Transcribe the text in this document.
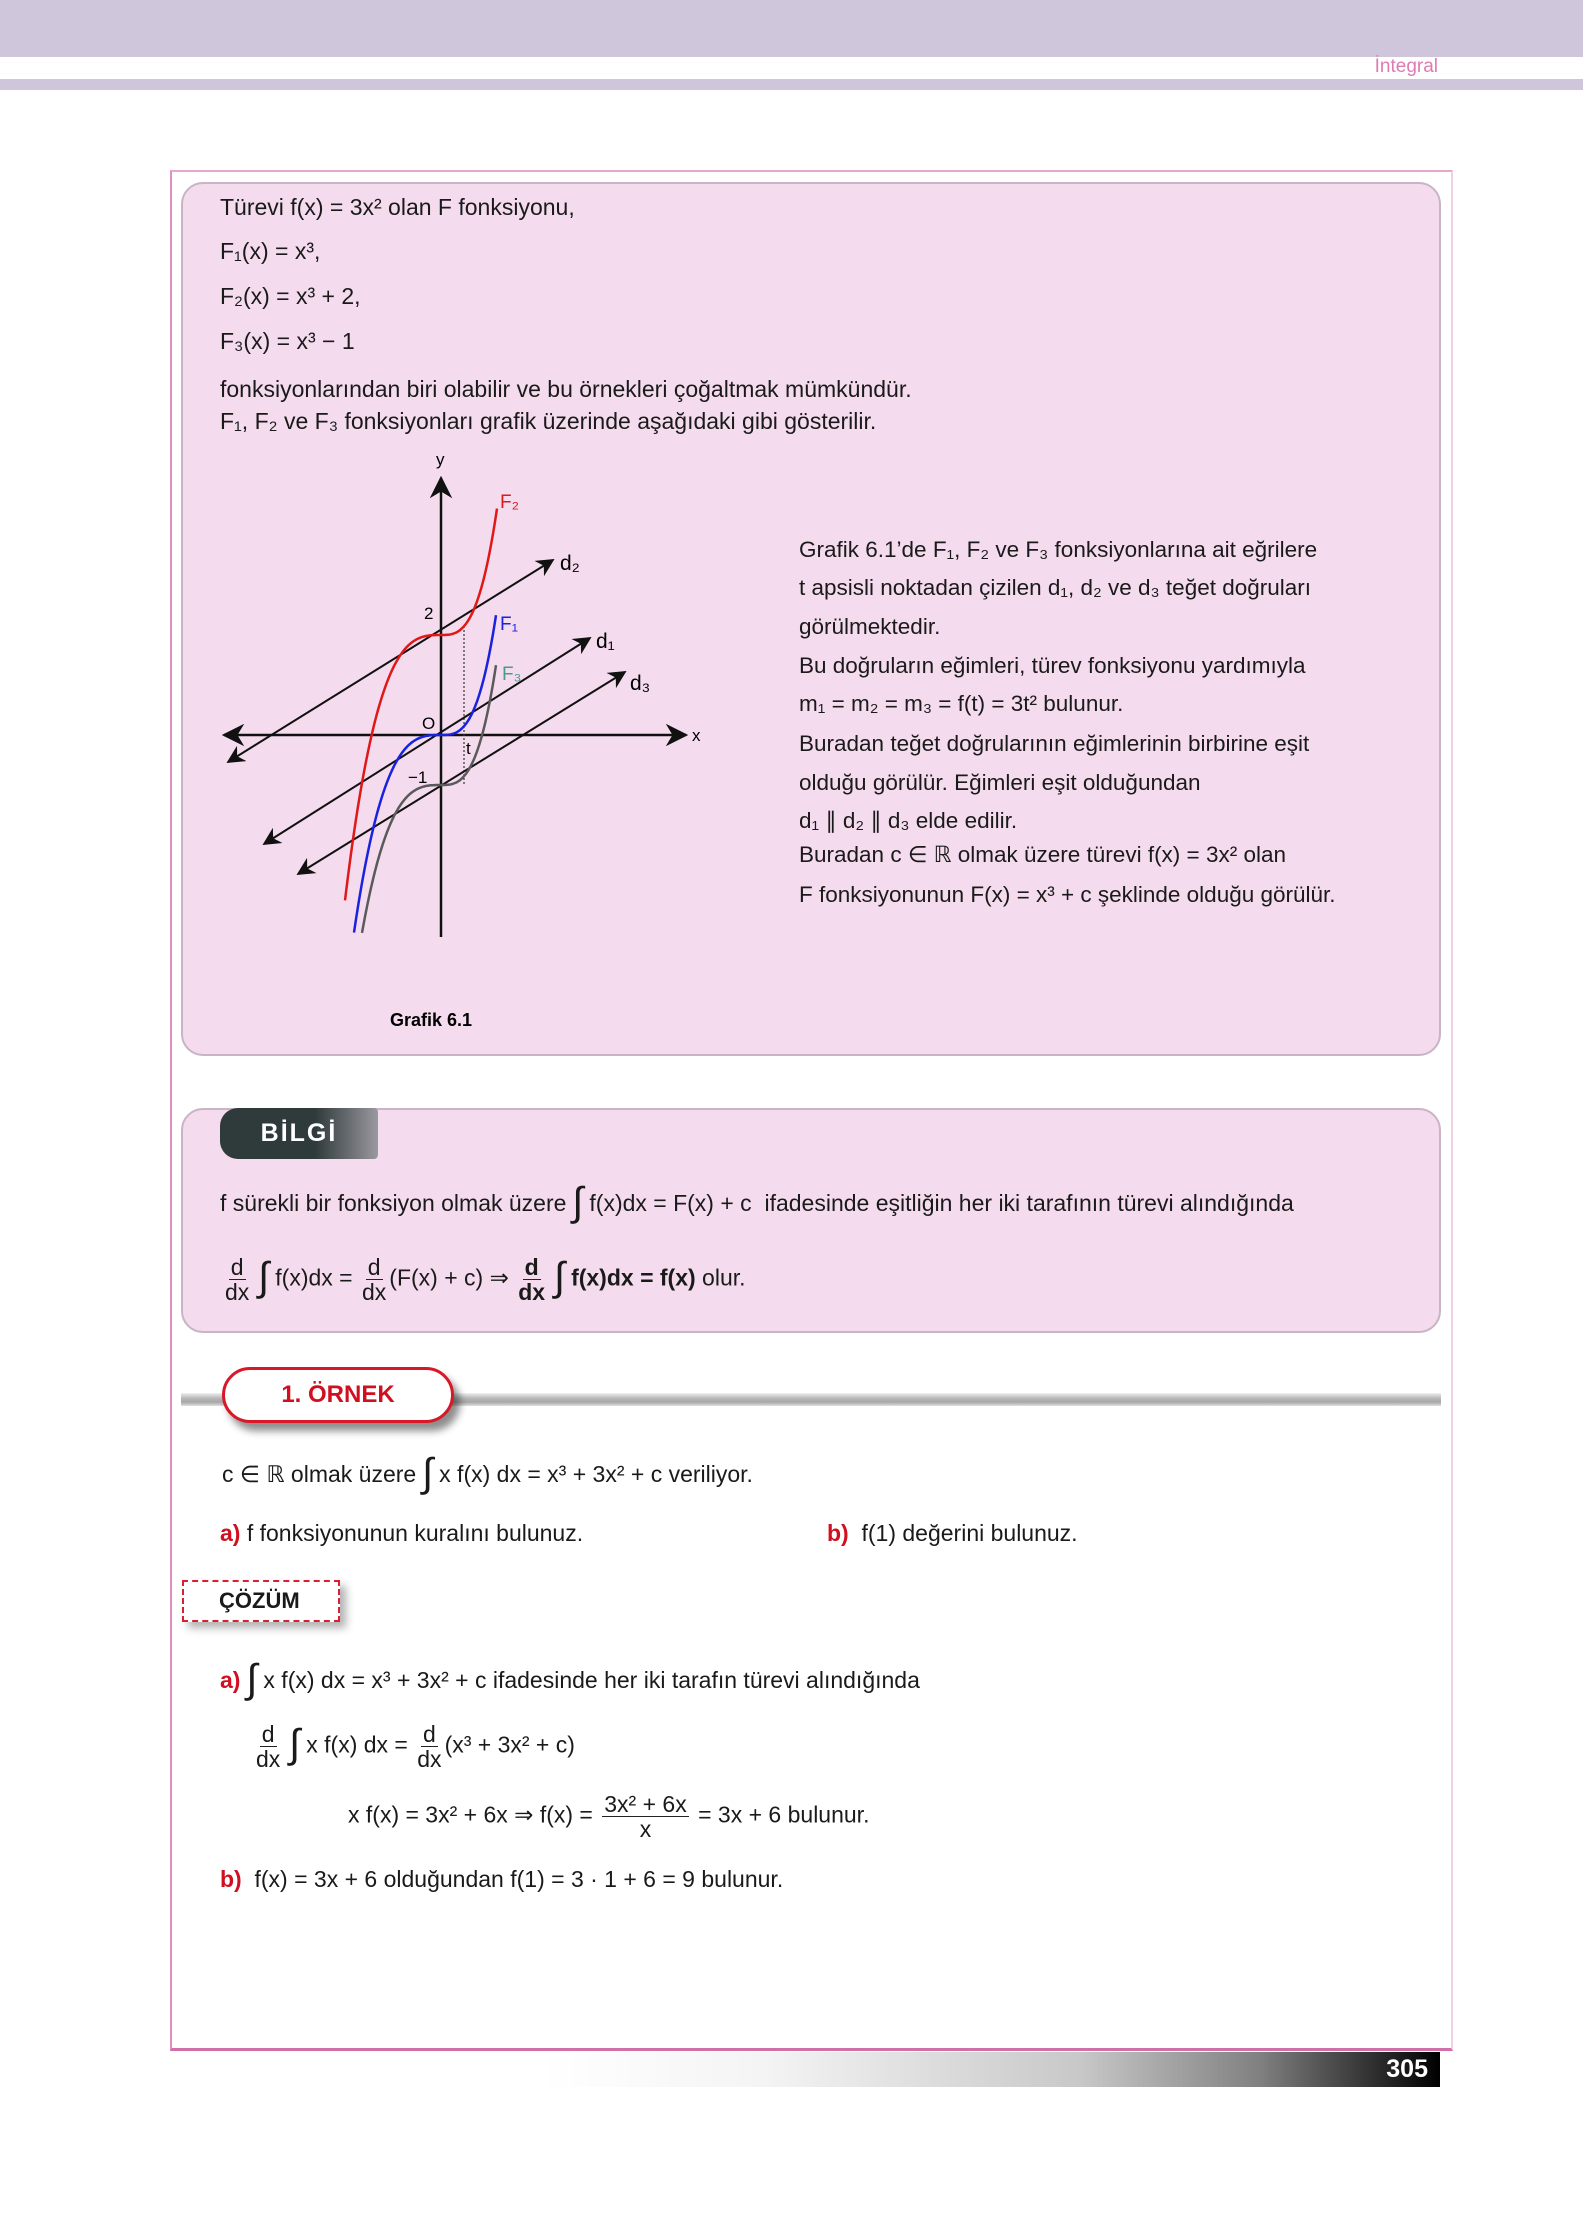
İntegral
Türevi f(x) = 3x² olan F fonksiyonu,
F₁(x) = x³,
F₂(x) = x³ + 2,
F₃(x) = x³ − 1
fonksiyonlarından biri olabilir ve bu örnekleri çoğaltmak mümkündür.
F₁, F₂ ve F₃ fonksiyonları grafik üzerinde aşağıdaki gibi gösterilir.
y
x
O
2
−1
t
F₂
F₁
F₃
d₂
d₁
d₃
Grafik 6.1
Grafik 6.1’de F₁, F₂ ve F₃ fonksiyonlarına ait eğrilere
t apsisli noktadan çizilen d₁, d₂ ve d₃ teğet doğruları
görülmektedir.
Bu doğruların eğimleri, türev fonksiyonu yardımıyla
m₁ = m₂ = m₃ = f(t) = 3t² bulunur.
Buradan teğet doğrularının eğimlerinin birbirine eşit
olduğu görülür. Eğimleri eşit olduğundan
d₁ ∥ d₂ ∥ d₃ elde edilir.
Buradan c ∈ ℝ olmak üzere türevi f(x) = 3x² olan
F fonksiyonunun F(x) = x³ + c şeklinde olduğu görülür.
BİLGİ
f sürekli bir fonksiyon olmak üzere ∫ f(x)dx = F(x) + c ifadesinde eşitliğin her iki tarafının türevi alındığında
$\frac{d}{dx}$ ∫ $f(x)dx = \frac{d}{dx} (F(x) + c)$ ⇒ $\frac{d}{dx}$ ∫ f(x)dx = f(x) olur.
1. ÖRNEK
c ∈ ℝ olmak üzere ∫ x f(x) dx = x³ + 3x² + c veriliyor.
a) f fonksiyonunun kuralını bulunuz.	b) f(1) değerini bulunuz.
ÇÖZÜM
a) ∫ x f(x) dx = x³ + 3x² + c ifadesinde her iki tarafın türevi alındığında
$\frac{d}{dx}$ ∫ x f(x) dx = $\frac{d}{dx} (x^3 + 3x^2 + c)$
x f(x) = 3x² + 6x ⇒ $f(x) = \frac{\text{3x² + 6x}}{x} = 3x + 6$ bulunur.
b) f(x) = 3x + 6 olduğundan f(1) = 3 · 1 + 6 = 9 bulunur.
305
